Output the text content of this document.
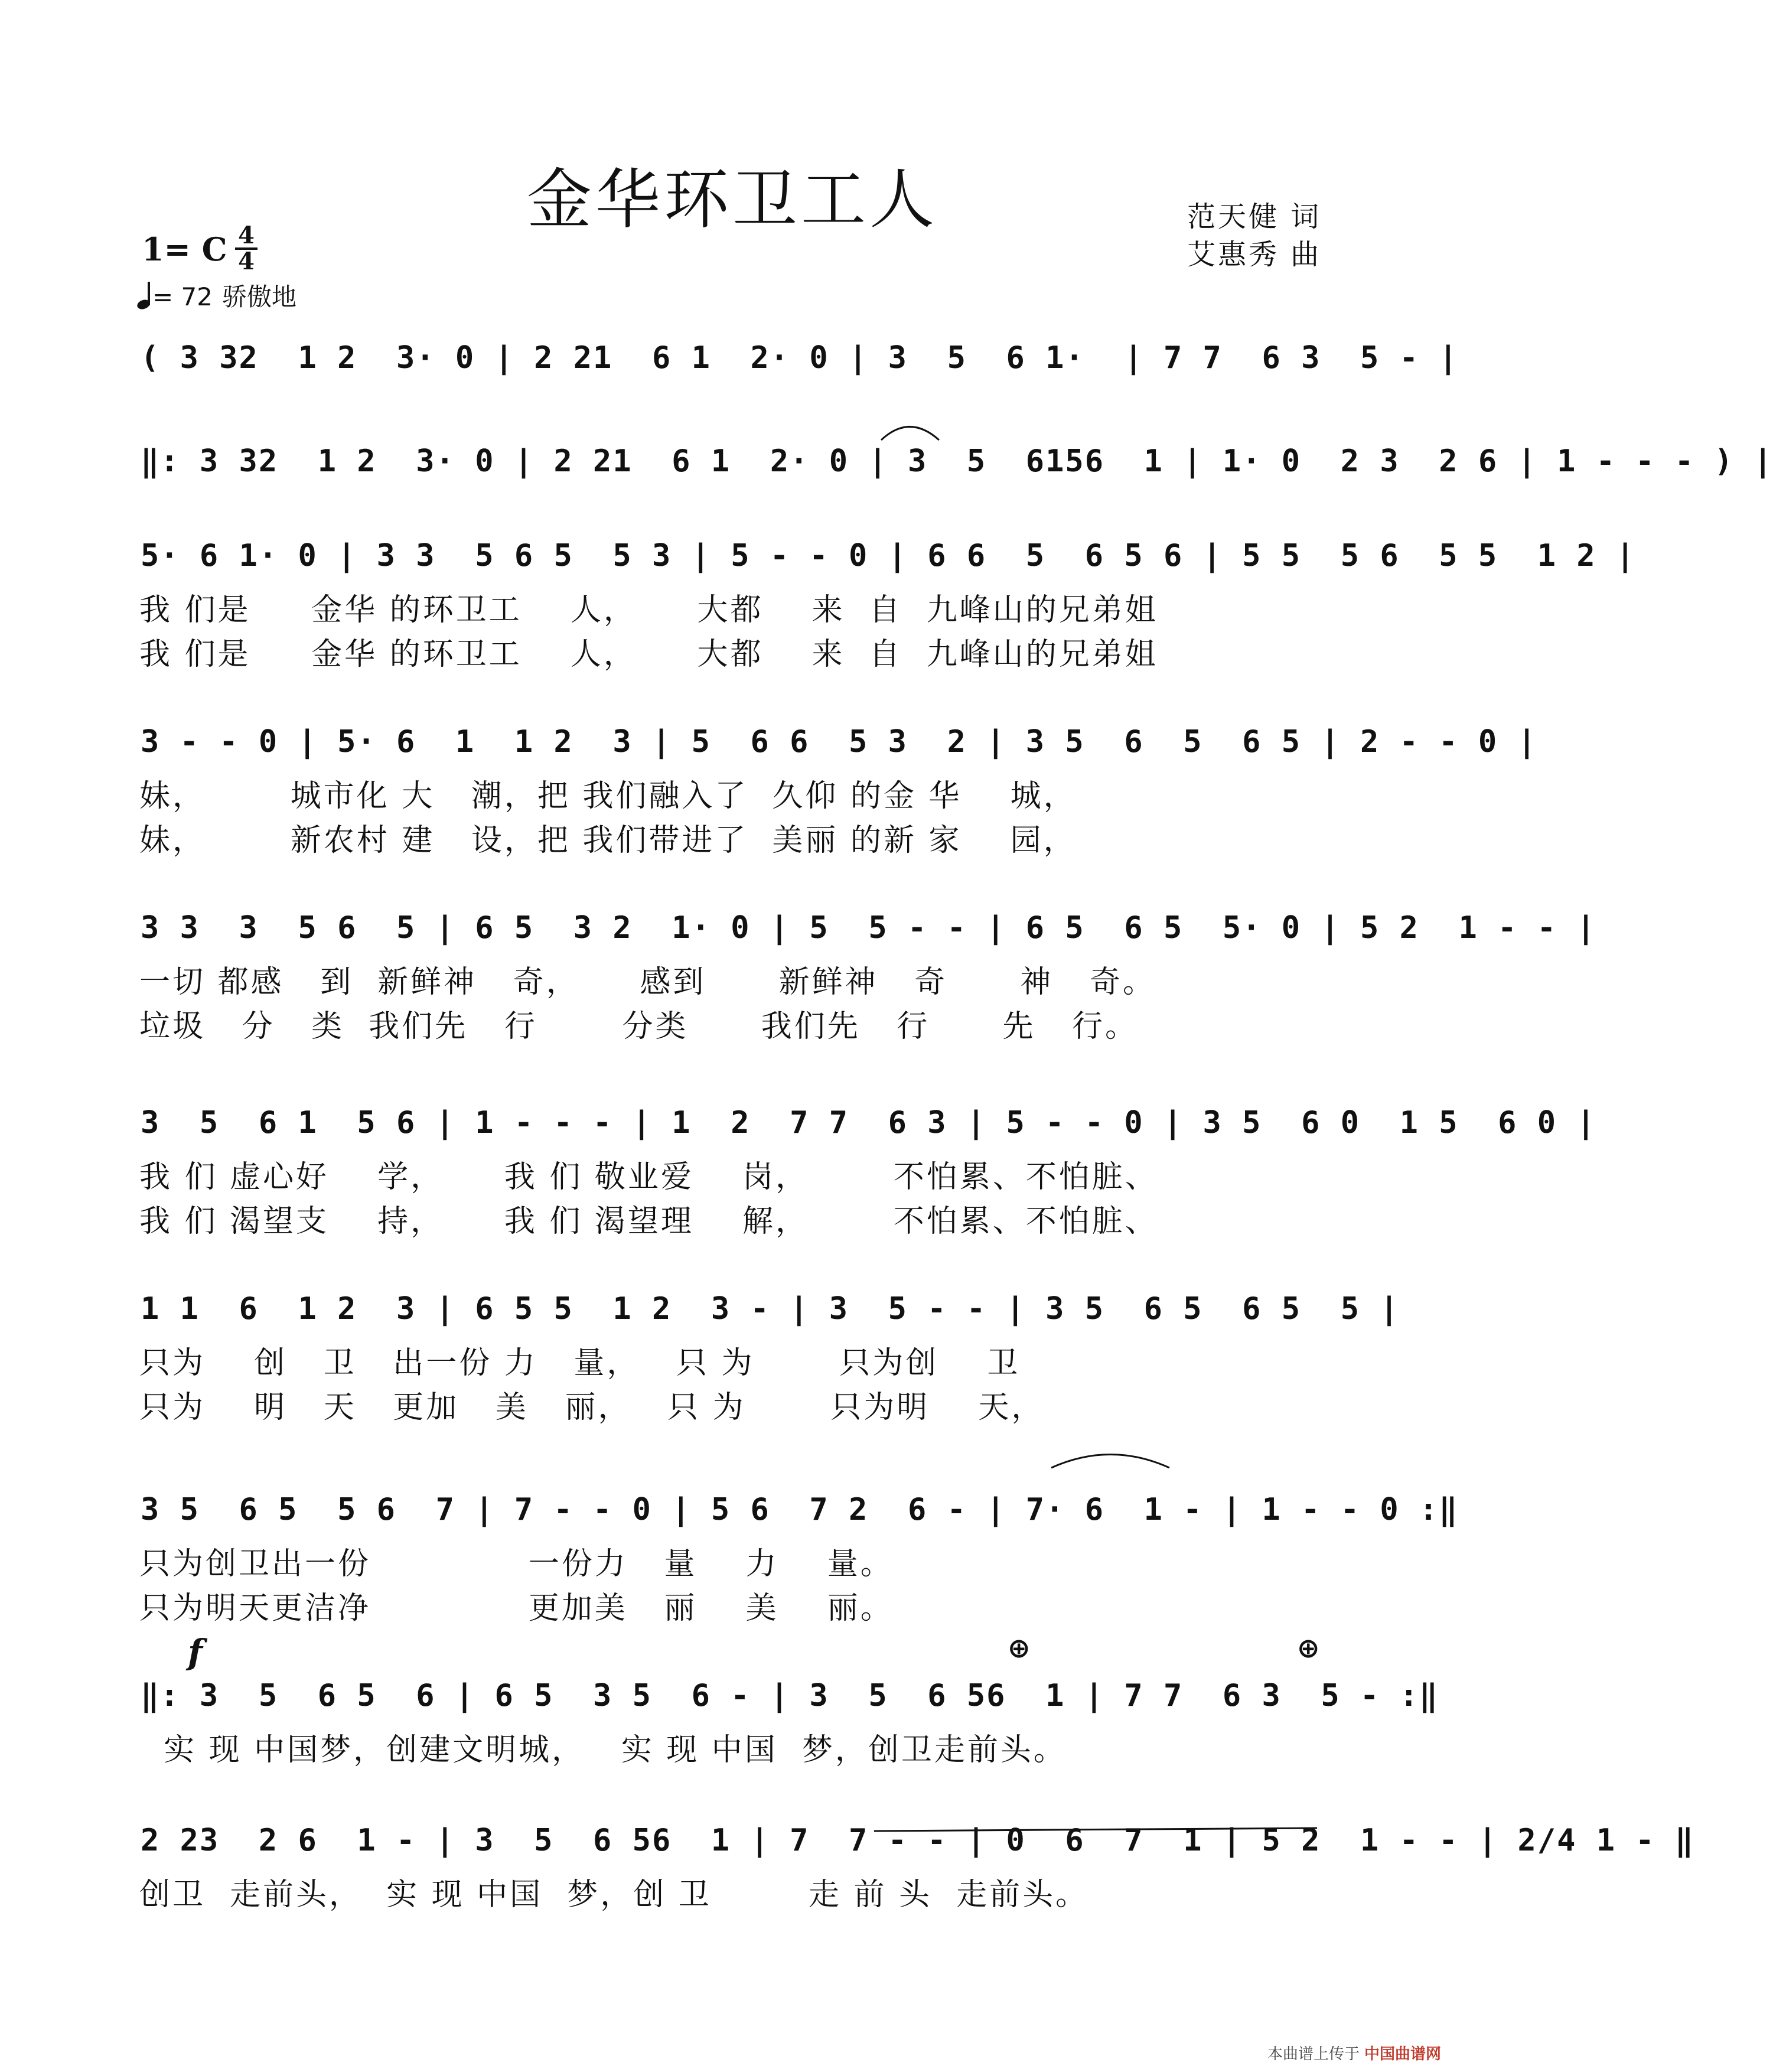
金华环卫工人	范天健 词
艾惠秀 曲
1= C 4
4
= 72 骄傲地
( 3 32  1 2  3· 0 | 2 21  6 1  2· 0 | 3  5  6 1·  | 7 7  6 3  5 - |
‖: 3 32  1 2  3· 0 | 2 21  6 1  2· 0 | 3  5  6156  1 | 1· 0  2 3  2 6 | 1 - - - ) |
5· 6 1· 0 | 3 3  5 6 5  5 3 | 5 - - 0 | 6 6  5  6 5 6 | 5 5  5 6  5 5  1 2 |
我 们是     金华 的环卫工    人，     大都    来  自  九峰山的兄弟姐
我 们是     金华 的环卫工    人，     大都    来  自  九峰山的兄弟姐
3 - - 0 | 5· 6  1  1 2  3 | 5  6 6  5 3  2 | 3 5  6  5  6 5 | 2 - - 0 |
妹，       城市化 大   潮，把 我们融入了  久仰 的金 华    城，
妹，       新农村 建   设，把 我们带进了  美丽 的新 家    园，
3 3  3  5 6  5 | 6 5  3 2  1· 0 | 5  5 - - | 6 5  6 5  5· 0 | 5 2  1 - - |
一切 都感   到  新鲜神   奇，     感到      新鲜神   奇      神   奇。
垃圾   分   类  我们先   行       分类      我们先   行      先   行。
3  5  6 1  5 6 | 1 - - - | 1  2  7 7  6 3 | 5 - - 0 | 3 5  6 0  1 5  6 0 |
我 们 虚心好    学，     我 们 敬业爱    岗，       不怕累、不怕脏、
我 们 渴望支    持，     我 们 渴望理    解，       不怕累、不怕脏、
1 1  6  1 2  3 | 6 5 5  1 2  3 - | 3  5 - - | 3 5  6 5  6 5  5 |
只为    创   卫   出一份 力   量，   只 为       只为创    卫
只为    明   天   更加   美   丽，   只 为       只为明    天，
3 5  6 5  5 6  7 | 7 - - 0 | 5 6  7 2  6 - | 7· 6  1 - | 1 - - 0 :‖
只为创卫出一份             一份力   量    力    量。
只为明天更洁净             更加美   丽    美    丽。
f	⊕	⊕
‖: 3  5  6 5  6 | 6 5  3 5  6 - | 3  5  6 56  1 | 7 7  6 3  5 - :‖
实 现 中国梦，创建文明城，   实 现 中国  梦，创卫走前头。
2 23  2 6  1 - | 3  5  6 56  1 | 7  7 - - | 0  6  7  1 | 5 2  1 - - | 2/4 1 - ‖
创卫  走前头，  实 现 中国  梦，创 卫        走 前 头  走前头。
本曲谱上传于 中国曲谱网
